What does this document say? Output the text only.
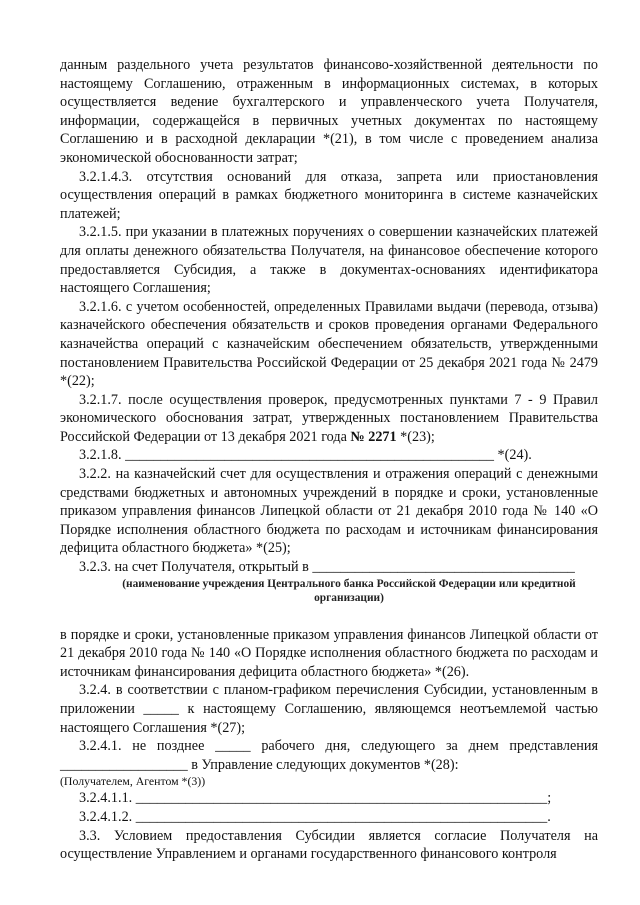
данным раздельного учета результатов финансово-хозяйственной деятельности по настоящему Соглашению, отраженным в информационных системах, в которых осуществляется ведение бухгалтерского и управленческого учета Получателя, информации, содержащейся в первичных учетных документах по настоящему Соглашению и в расходной декларации *(21), в том числе с проведением анализа экономической обоснованности затрат;

3.2.1.4.3. отсутствия оснований для отказа, запрета или приостановления осуществления операций в рамках бюджетного мониторинга в системе казначейских платежей;

3.2.1.5. при указании в платежных поручениях о совершении казначейских платежей для оплаты денежного обязательства Получателя, на финансовое обеспечение которого предоставляется Субсидия, а также в документах-основаниях идентификатора настоящего Соглашения;

3.2.1.6. с учетом особенностей, определенных Правилами выдачи (перевода, отзыва) казначейского обеспечения обязательств и сроков проведения органами Федерального казначейства операций с казначейским обеспечением обязательств, утвержденными постановлением Правительства Российской Федерации от 25 декабря 2021 года № 2479 *(22);

3.2.1.7. после осуществления проверок, предусмотренных пунктами 7 - 9 Правил экономического обоснования затрат, утвержденных постановлением Правительства Российской Федерации от 13 декабря 2021 года № 2271 *(23);

3.2.1.8. ____________________________________________________ *(24).

3.2.2. на казначейский счет для осуществления и отражения операций с денежными средствами бюджетных и автономных учреждений в порядке и сроки, установленные приказом управления финансов Липецкой области от 21 декабря 2010 года № 140 «О Порядке исполнения областного бюджета по расходам и источникам финансирования дефицита областного бюджета» *(25);

3.2.3. на счет Получателя, открытый в _____________________________________

(наименование учреждения Центрального банка Российской Федерации или кредитной организации)

в порядке и сроки, установленные приказом управления финансов Липецкой области от 21 декабря 2010 года № 140 «О Порядке исполнения областного бюджета по расходам и источникам финансирования дефицита областного бюджета» *(26).

3.2.4. в соответствии с планом-графиком перечисления Субсидии, установленным в приложении _____ к настоящему Соглашению, являющемся неотъемлемой частью настоящего Соглашения *(27);

3.2.4.1. не позднее _____ рабочего дня, следующего за днем представления __________________ в Управление следующих документов *(28):

(Получателем, Агентом *(3))

3.2.4.1.1. __________________________________________________________;

3.2.4.1.2. __________________________________________________________.

3.3. Условием предоставления Субсидии является согласие Получателя на осуществление Управлением и органами государственного финансового контроля
